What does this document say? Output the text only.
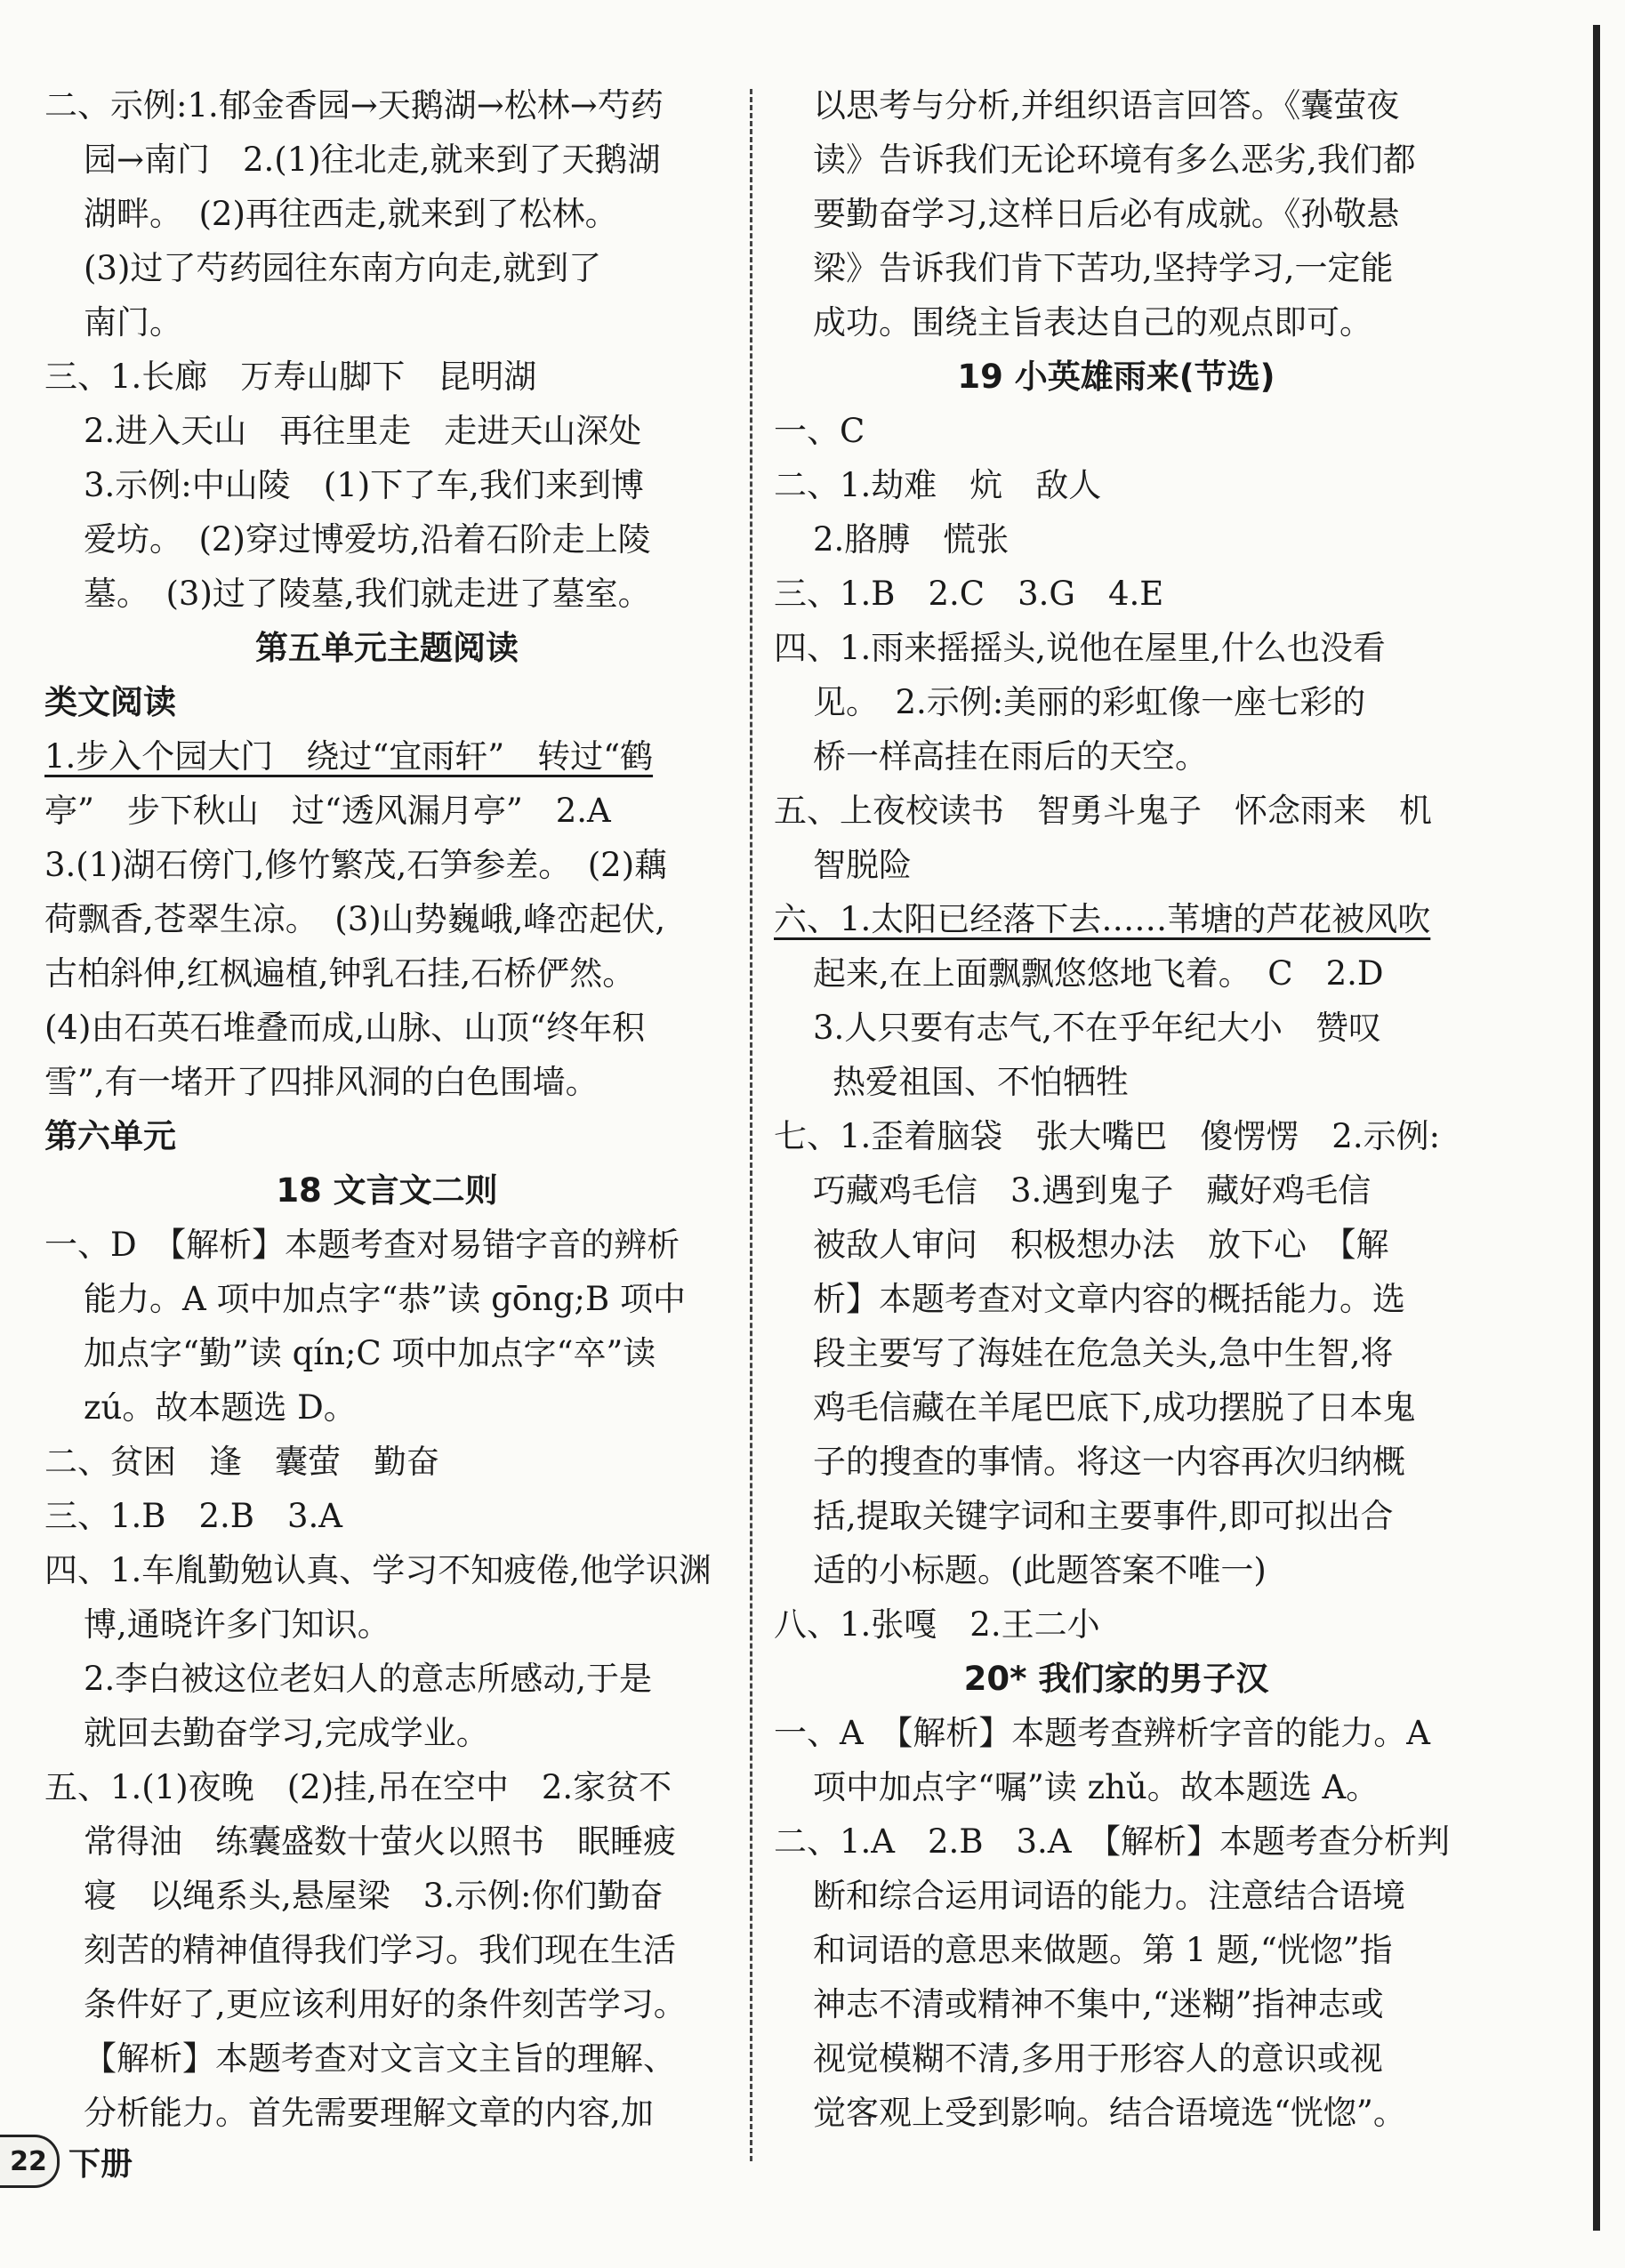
二、示例:1.郁金香园→天鹅湖→松林→芍药

园→南门　2.(1)往北走,就来到了天鹅湖

湖畔。　(2)再往西走,就来到了松林。

(3)过了芍药园往东南方向走,就到了

南门。

三、1.长廊　万寿山脚下　昆明湖

2.进入天山　再往里走　走进天山深处

3.示例:中山陵　(1)下了车,我们来到博

爱坊。　(2)穿过博爱坊,沿着石阶走上陵

墓。　(3)过了陵墓,我们就走进了墓室。

第五单元主题阅读

类文阅读

1.步入个园大门　绕过“宜雨轩”　转过“鹤

亭”　步下秋山　过“透风漏月亭”　2.A

3.(1)湖石傍门,修竹繁茂,石笋参差。　(2)藕

荷飘香,苍翠生凉。　(3)山势巍峨,峰峦起伏,

古柏斜伸,红枫遍植,钟乳石挂,石桥俨然。

(4)由石英石堆叠而成,山脉、山顶“终年积

雪”,有一堵开了四排风洞的白色围墙。

第六单元

18 文言文二则

一、D　【解析】本题考查对易错字音的辨析

能力。A 项中加点字“恭”读 gōng;B 项中

加点字“勤”读 qín;C 项中加点字“卒”读

zú。故本题选 D。

二、贫困　逢　囊萤　勤奋

三、1.B　2.B　3.A

四、1.车胤勤勉认真、学习不知疲倦,他学识渊

博,通晓许多门知识。

2.李白被这位老妇人的意志所感动,于是

就回去勤奋学习,完成学业。

五、1.(1)夜晚　(2)挂,吊在空中　2.家贫不

常得油　练囊盛数十萤火以照书　眠睡疲

寝　以绳系头,悬屋梁　3.示例:你们勤奋

刻苦的精神值得我们学习。我们现在生活

条件好了,更应该利用好的条件刻苦学习。

【解析】本题考查对文言文主旨的理解、

分析能力。首先需要理解文章的内容,加

以思考与分析,并组织语言回答。《囊萤夜

读》告诉我们无论环境有多么恶劣,我们都

要勤奋学习,这样日后必有成就。《孙敬悬

梁》告诉我们肯下苦功,坚持学习,一定能

成功。围绕主旨表达自己的观点即可。

19 小英雄雨来(节选)

一、C

二、1.劫难　炕　敌人

2.胳膊　慌张

三、1.B　2.C　3.G　4.E

四、1.雨来摇摇头,说他在屋里,什么也没看

见。　2.示例:美丽的彩虹像一座七彩的

桥一样高挂在雨后的天空。

五、上夜校读书　智勇斗鬼子　怀念雨来　机

智脱险

六、1.太阳已经落下去……苇塘的芦花被风吹

起来,在上面飘飘悠悠地飞着。　C　2.D

3.人只要有志气,不在乎年纪大小　赞叹

热爱祖国、不怕牺牲

七、1.歪着脑袋　张大嘴巴　傻愣愣　2.示例:

巧藏鸡毛信　3.遇到鬼子　藏好鸡毛信

被敌人审问　积极想办法　放下心　【解

析】本题考查对文章内容的概括能力。选

段主要写了海娃在危急关头,急中生智,将

鸡毛信藏在羊尾巴底下,成功摆脱了日本鬼

子的搜查的事情。将这一内容再次归纳概

括,提取关键字词和主要事件,即可拟出合

适的小标题。(此题答案不唯一)

八、1.张嘎　2.王二小

20* 我们家的男子汉

一、A　【解析】本题考查辨析字音的能力。A

项中加点字“嘱”读 zhǔ。故本题选 A。

二、1.A　2.B　3.A　【解析】本题考查分析判

断和综合运用词语的能力。注意结合语境

和词语的意思来做题。第 1 题,“恍惚”指

神志不清或精神不集中,“迷糊”指神志或

视觉模糊不清,多用于形容人的意识或视

觉客观上受到影响。结合语境选“恍惚”。

22 下册
